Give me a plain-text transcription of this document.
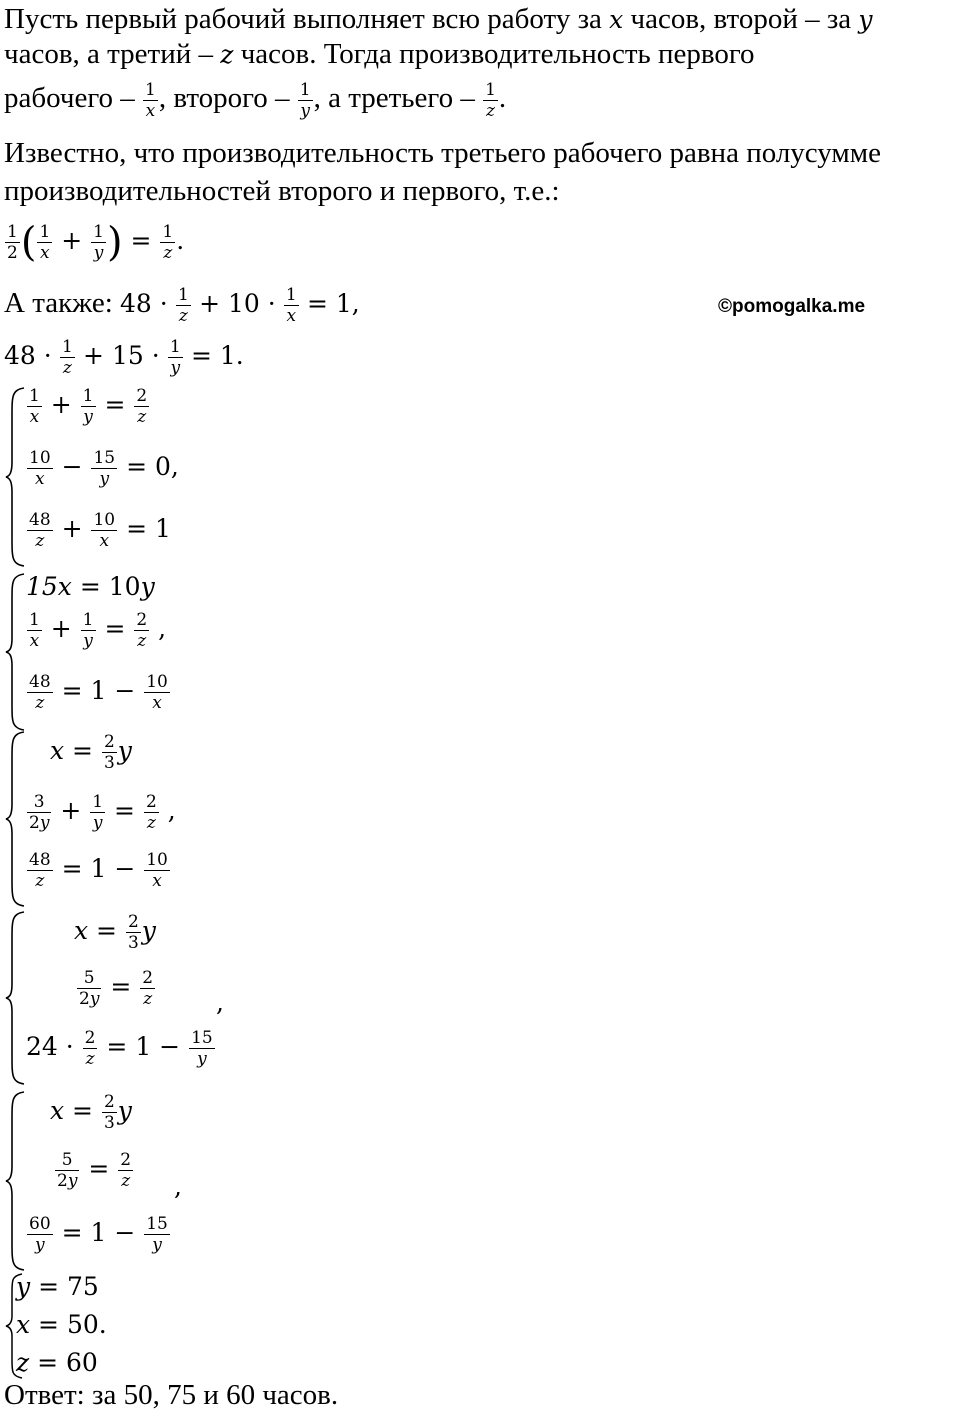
Пусть первый рабочий выполняет всю работу за x часов, второй – за y
часов, а третий – z часов. Тогда производительность первого
рабочего – $\frac{1}{x}$ , второго – $\frac{1}{y}$ , а третьего – $\frac{1}{z}$ .
Известно, что производительность третьего рабочего равна полусумме
производительностей второго и первого, т.е.:
$\frac{1}{2}$ ( $\frac{1}{x} + \frac{1}{y}$ ) = $\frac{1}{z}$ .
А также: $48 \cdot \frac{1}{z} + 10 \cdot \frac{1}{x} = 1$,	©pomogalka.me
$48 \cdot \frac{1}{z} + 15 \cdot \frac{1}{y} = 1$.
$\frac{1}{x} + \frac{1}{y} = \frac{2}{z}$
$\frac{10}{x} - \frac{15}{y} = 0$,
$\frac{48}{z} + \frac{10}{x} = 1$
15x = 10y
$\frac{1}{x} + \frac{1}{y} = \frac{2}{z}$ ,
$\frac{48}{z} = 1 - \frac{10}{x}$
$x = \frac{2}{3}$ y
$\frac{3}{2y} + \frac{1}{y} = \frac{2}{z}$ ,
$\frac{48}{z} = 1 - \frac{10}{x}$
$x = \frac{2}{3}$ y
$\frac{5}{2y} = \frac{2}{z}$
$24 \cdot \frac{2}{z} = 1 - \frac{15}{y}$
,
$x = \frac{2}{3}$ y
$\frac{5}{2y} = \frac{2}{z}$
$\frac{60}{y} = 1 - \frac{15}{y}$
,
y = 75
x = 50.
z = 60
Ответ: за 50, 75 и 60 часов.
